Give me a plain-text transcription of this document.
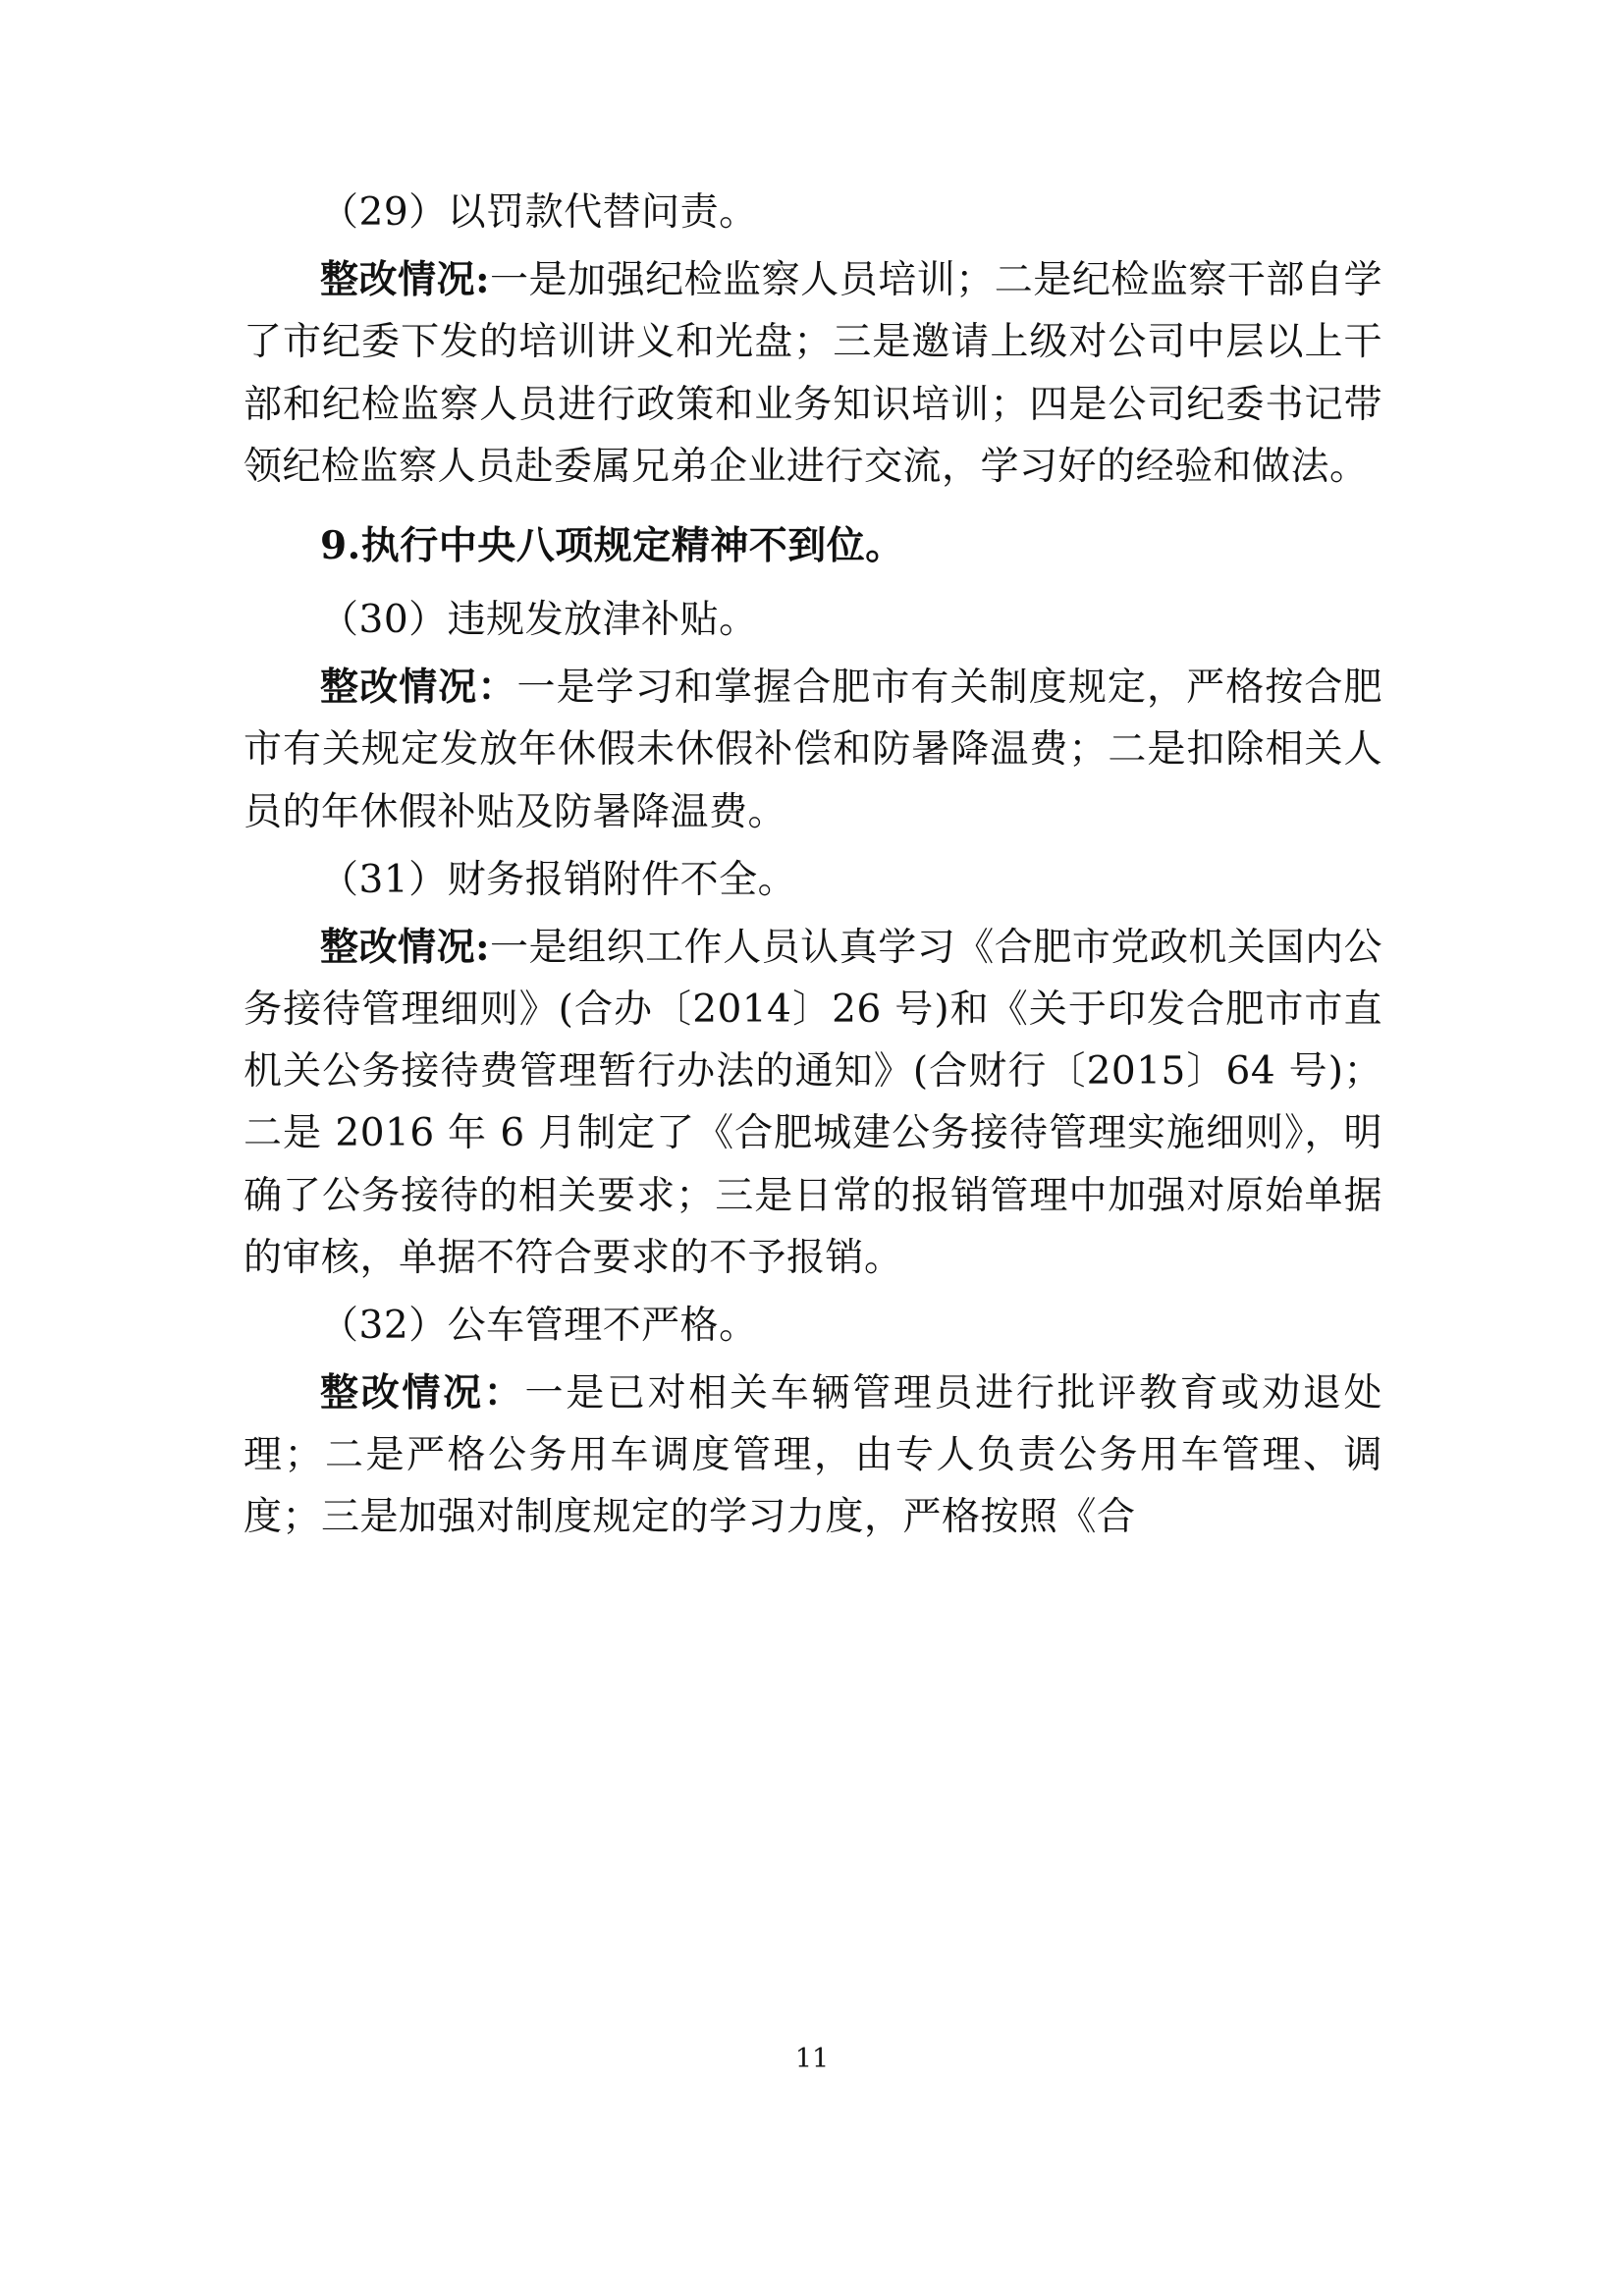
（29）以罚款代替问责。

整改情况:一是加强纪检监察人员培训；二是纪检监察干部自学了市纪委下发的培训讲义和光盘；三是邀请上级对公司中层以上干部和纪检监察人员进行政策和业务知识培训；四是公司纪委书记带领纪检监察人员赴委属兄弟企业进行交流，学习好的经验和做法。

9.执行中央八项规定精神不到位。

（30）违规发放津补贴。

整改情况：一是学习和掌握合肥市有关制度规定，严格按合肥市有关规定发放年休假未休假补偿和防暑降温费；二是扣除相关人员的年休假补贴及防暑降温费。

（31）财务报销附件不全。

整改情况:一是组织工作人员认真学习《合肥市党政机关国内公务接待管理细则》(合办〔2014〕26 号)和《关于印发合肥市市直机关公务接待费管理暂行办法的通知》(合财行〔2015〕64 号)；二是 2016 年 6 月制定了《合肥城建公务接待管理实施细则》，明确了公务接待的相关要求；三是日常的报销管理中加强对原始单据的审核，单据不符合要求的不予报销。

（32）公车管理不严格。

整改情况：一是已对相关车辆管理员进行批评教育或劝退处理；二是严格公务用车调度管理，由专人负责公务用车管理、调度；三是加强对制度规定的学习力度，严格按照《合

11
